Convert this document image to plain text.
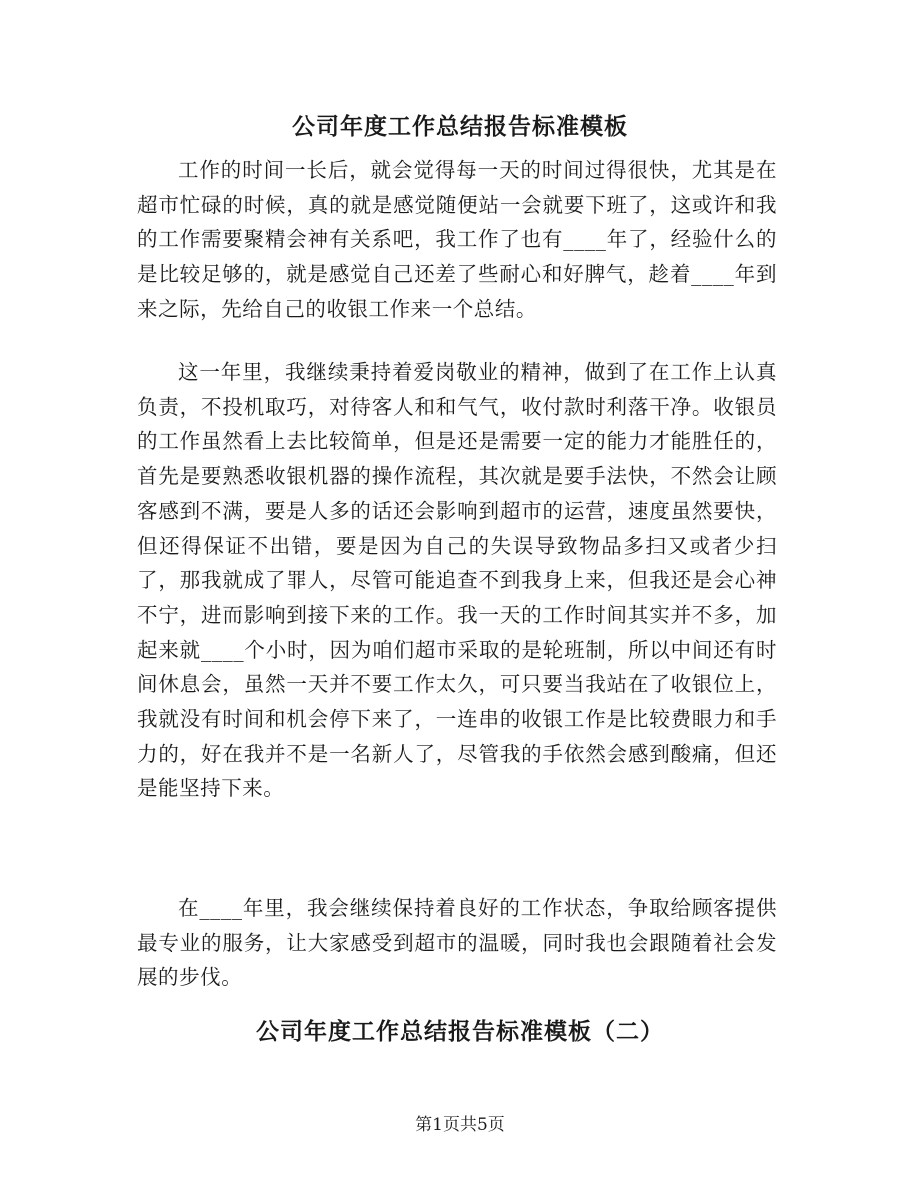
公司年度工作总结报告标准模板

工作的时间一长后，就会觉得每一天的时间过得很快，尤其是在超市忙碌的时候，真的就是感觉随便站一会就要下班了，这或许和我的工作需要聚精会神有关系吧，我工作了也有____年了，经验什么的是比较足够的，就是感觉自己还差了些耐心和好脾气，趁着____年到来之际，先给自己的收银工作来一个总结。

这一年里，我继续秉持着爱岗敬业的精神，做到了在工作上认真负责，不投机取巧，对待客人和和气气，收付款时利落干净。收银员的工作虽然看上去比较简单，但是还是需要一定的能力才能胜任的，首先是要熟悉收银机器的操作流程，其次就是要手法快，不然会让顾客感到不满，要是人多的话还会影响到超市的运营，速度虽然要快，但还得保证不出错，要是因为自己的失误导致物品多扫又或者少扫了，那我就成了罪人，尽管可能追查不到我身上来，但我还是会心神不宁，进而影响到接下来的工作。我一天的工作时间其实并不多，加起来就____个小时，因为咱们超市采取的是轮班制，所以中间还有时间休息会，虽然一天并不要工作太久，可只要当我站在了收银位上，我就没有时间和机会停下来了，一连串的收银工作是比较费眼力和手力的，好在我并不是一名新人了，尽管我的手依然会感到酸痛，但还是能坚持下来。

在____年里，我会继续保持着良好的工作状态，争取给顾客提供最专业的服务，让大家感受到超市的温暖，同时我也会跟随着社会发展的步伐。

公司年度工作总结报告标准模板（二）
第1页共5页
